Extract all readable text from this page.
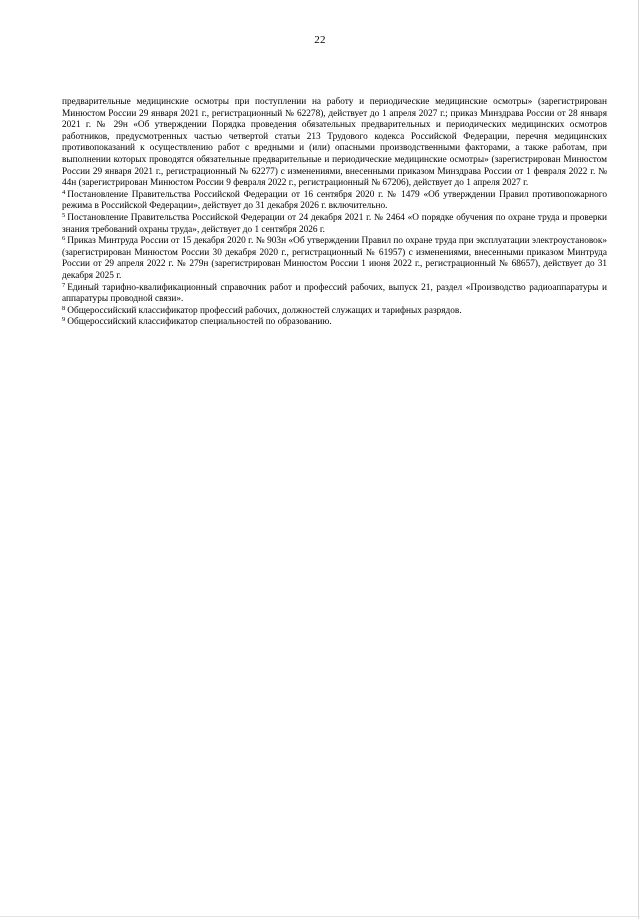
22

предварительные медицинские осмотры при поступлении на работу и периодические медицинские осмотры» (зарегистрирован Минюстом России 29 января 2021 г., регистрационный № 62278), действует до 1 апреля 2027 г.; приказ Минздрава России от 28 января 2021 г. № 29н «Об утверждении Порядка проведения обязательных предварительных и периодических медицинских осмотров работников, предусмотренных частью четвертой статьи 213 Трудового кодекса Российской Федерации, перечня медицинских противопоказаний к осуществлению работ с вредными и (или) опасными производственными факторами, а также работам, при выполнении которых проводятся обязательные предварительные и периодические медицинские осмотры» (зарегистрирован Минюстом России 29 января 2021 г., регистрационный № 62277) с изменениями, внесенными приказом Минздрава России от 1 февраля 2022 г. № 44н (зарегистрирован Минюстом России 9 февраля 2022 г., регистрационный № 67206), действует до 1 апреля 2027 г.

$^4$ Постановление Правительства Российской Федерации от 16 сентября 2020 г. № 1479 «Об утверждении Правил противопожарного режима в Российской Федерации», действует до 31 декабря 2026 г. включительно.

$^5$ Постановление Правительства Российской Федерации от 24 декабря 2021 г. № 2464 «О порядке обучения по охране труда и проверки знания требований охраны труда», действует до 1 сентября 2026 г.

$^6$ Приказ Минтруда России от 15 декабря 2020 г. № 903н «Об утверждении Правил по охране труда при эксплуатации электроустановок» (зарегистрирован Минюстом России 30 декабря 2020 г., регистрационный № 61957) с изменениями, внесенными приказом Минтруда России от 29 апреля 2022 г. № 279н (зарегистрирован Минюстом России 1 июня 2022 г., регистрационный № 68657), действует до 31 декабря 2025 г.

$^7$ Единый тарифно-квалификационный справочник работ и профессий рабочих, выпуск 21, раздел «Производство радиоаппаратуры и аппаратуры проводной связи».

$^8$ Общероссийский классификатор профессий рабочих, должностей служащих и тарифных разрядов.

$^9$ Общероссийский классификатор специальностей по образованию.
